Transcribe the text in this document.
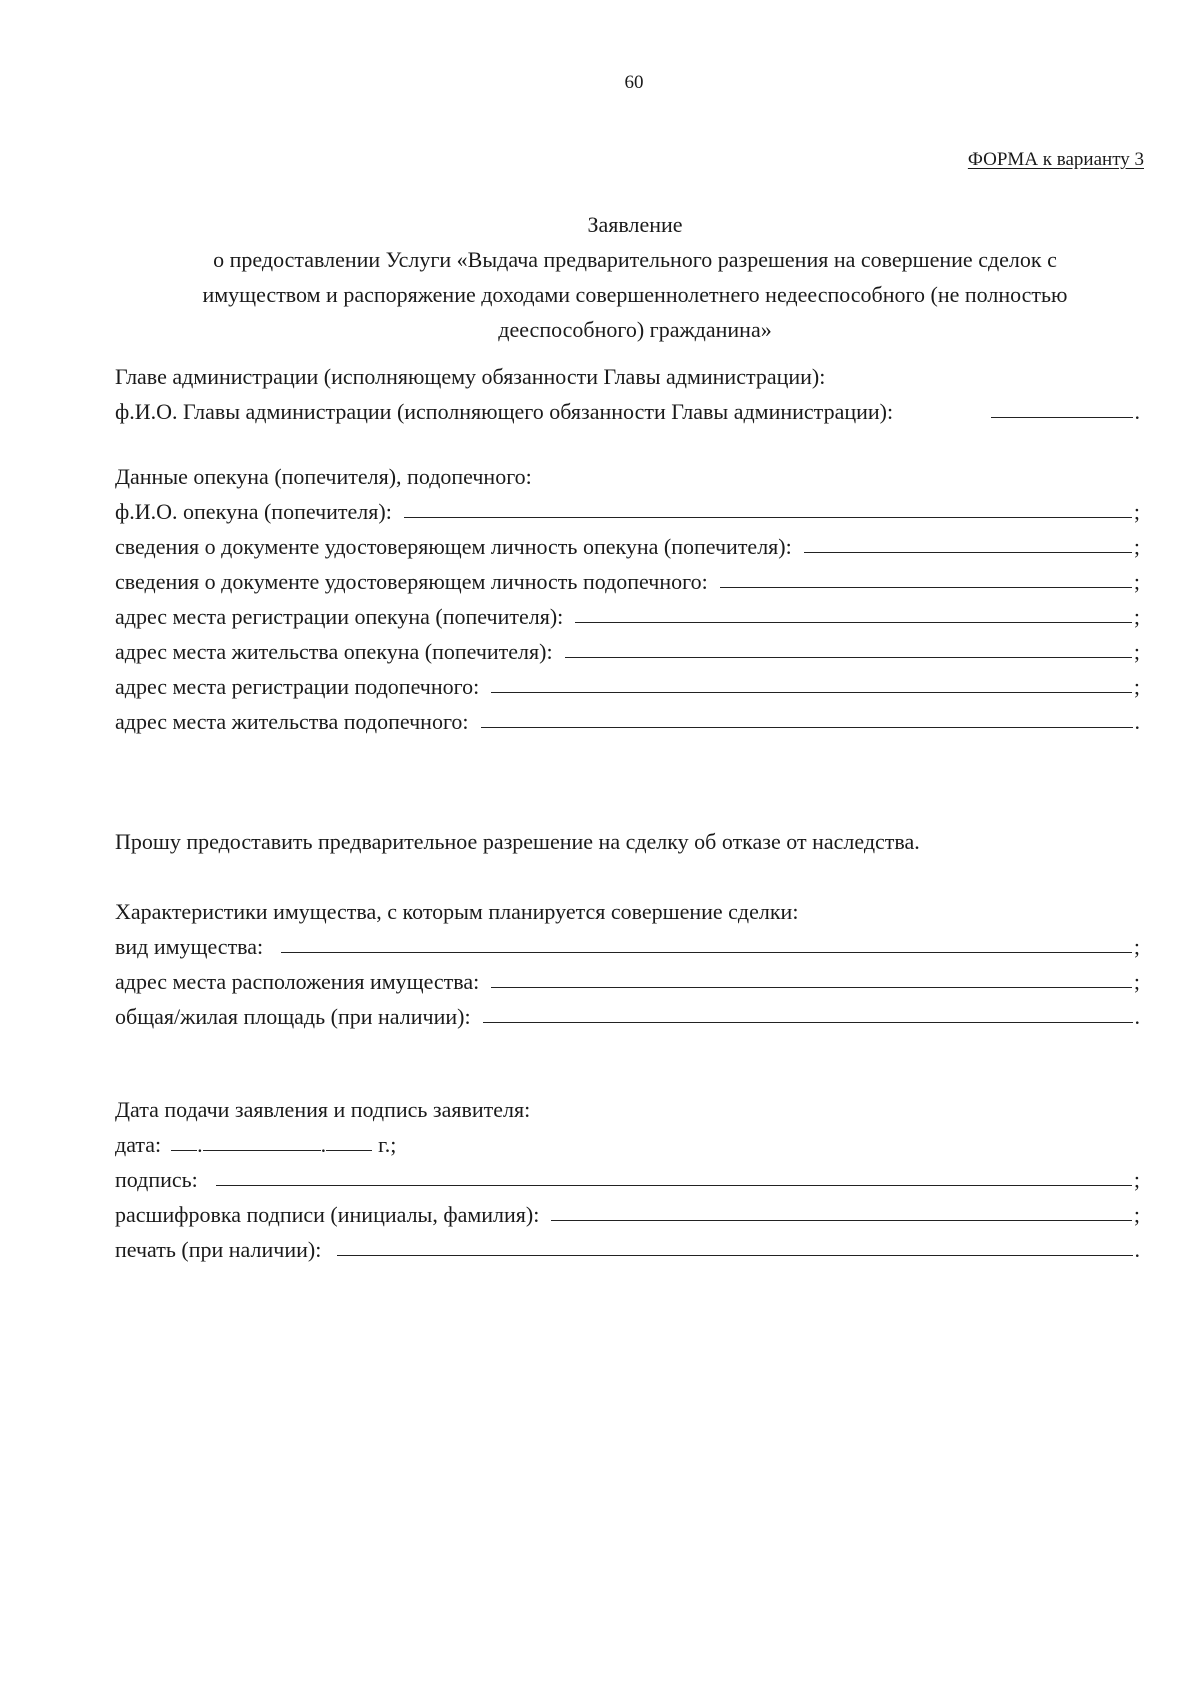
60
ФОРМА к варианту 3
Заявление
о предоставлении Услуги «Выдача предварительного разрешения на совершение сделок с
имуществом и распоряжение доходами совершеннолетнего недееспособного (не полностью
дееспособного) гражданина»
Главе администрации (исполняющему обязанности Главы администрации):
ф.И.О. Главы администрации (исполняющего обязанности Главы администрации):	.
Данные опекуна (попечителя), подопечного:
ф.И.О. опекуна (попечителя):	;
сведения о документе удостоверяющем личность опекуна (попечителя):	;
сведения о документе удостоверяющем личность подопечного:	;
адрес места регистрации опекуна (попечителя):	;
адрес места жительства опекуна (попечителя):	;
адрес места регистрации подопечного:	;
адрес места жительства подопечного:	.
Прошу предоставить предварительное разрешение на сделку об отказе от наследства.
Характеристики имущества, с которым планируется совершение сделки:
вид имущества:	;
адрес места расположения имущества:	;
общая/жилая площадь (при наличии):	.
Дата подачи заявления и подпись заявителя:
дата: .	. г.;
подпись:	;
расшифровка подписи (инициалы, фамилия):	;
печать (при наличии):	.
